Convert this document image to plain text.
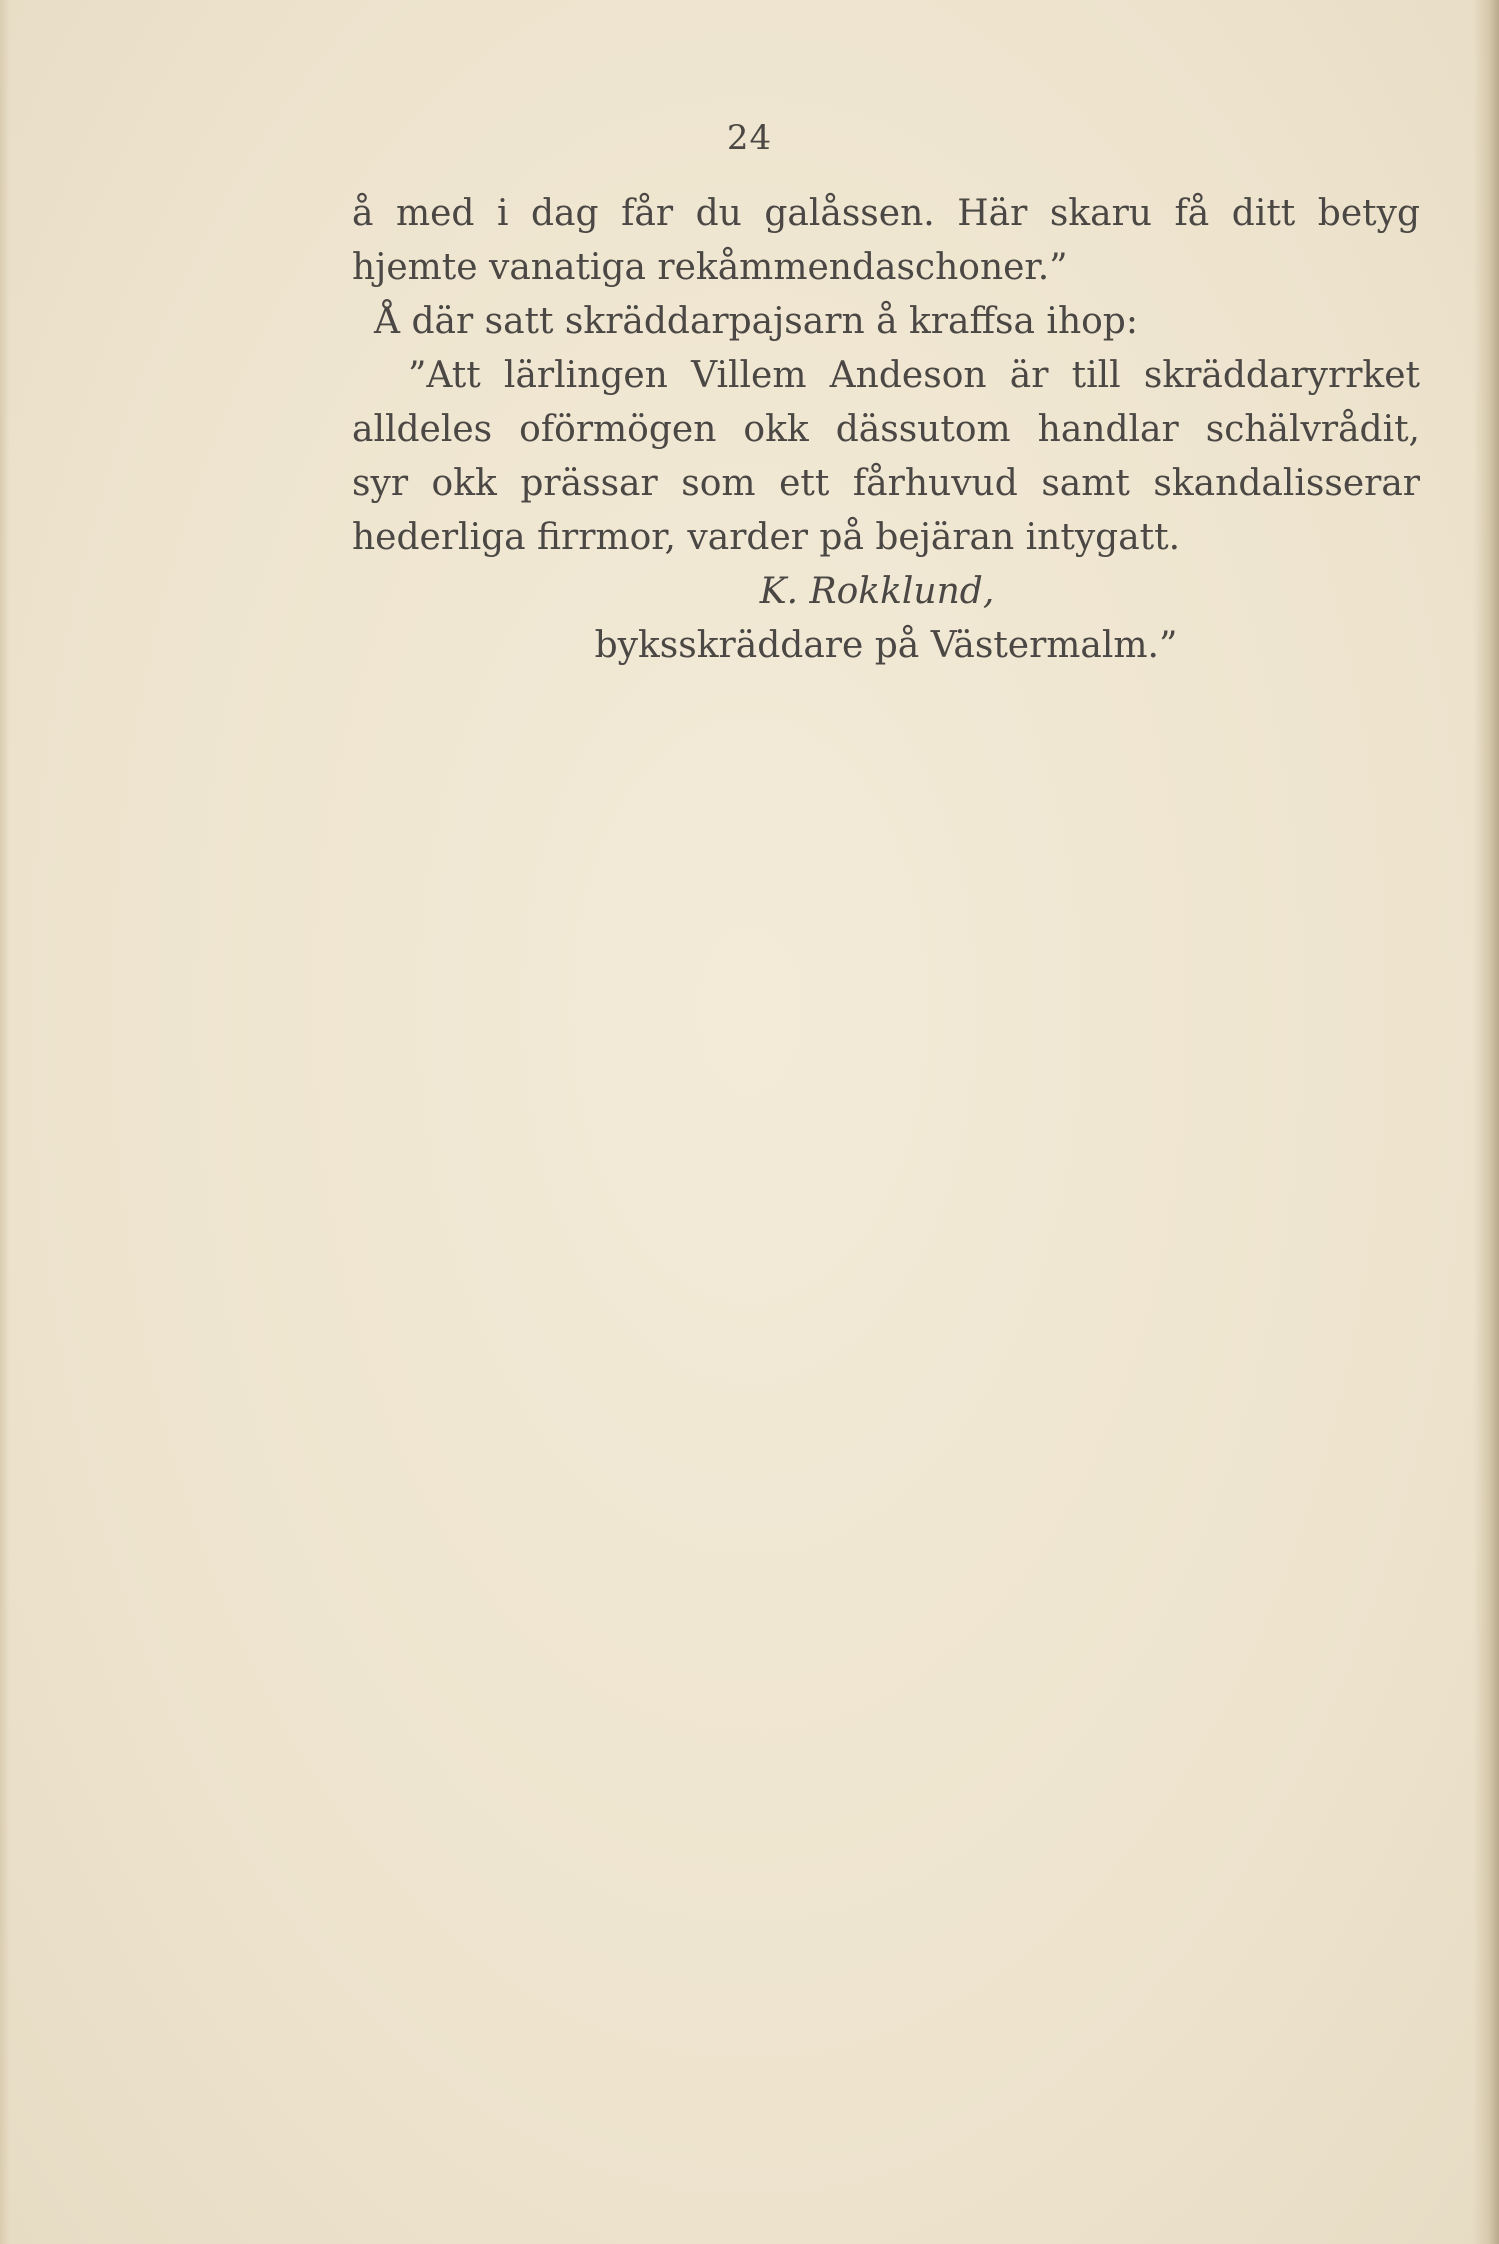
24
å med i dag får du galåssen. Här skaru få ditt betyg
hjemte vanatiga rekåmmendaschoner.”
Å där satt skräddarpajsarn å kraffsa ihop:
”Att lärlingen Villem Andeson är till skräddaryrrket
alldeles oförmögen okk dässutom handlar schälvrådit,
syr okk prässar som ett fårhuvud samt skandalisserar
hederliga firrmor, varder på bejäran intygatt.
K. Rokklund,
byksskräddare på Västermalm.”
